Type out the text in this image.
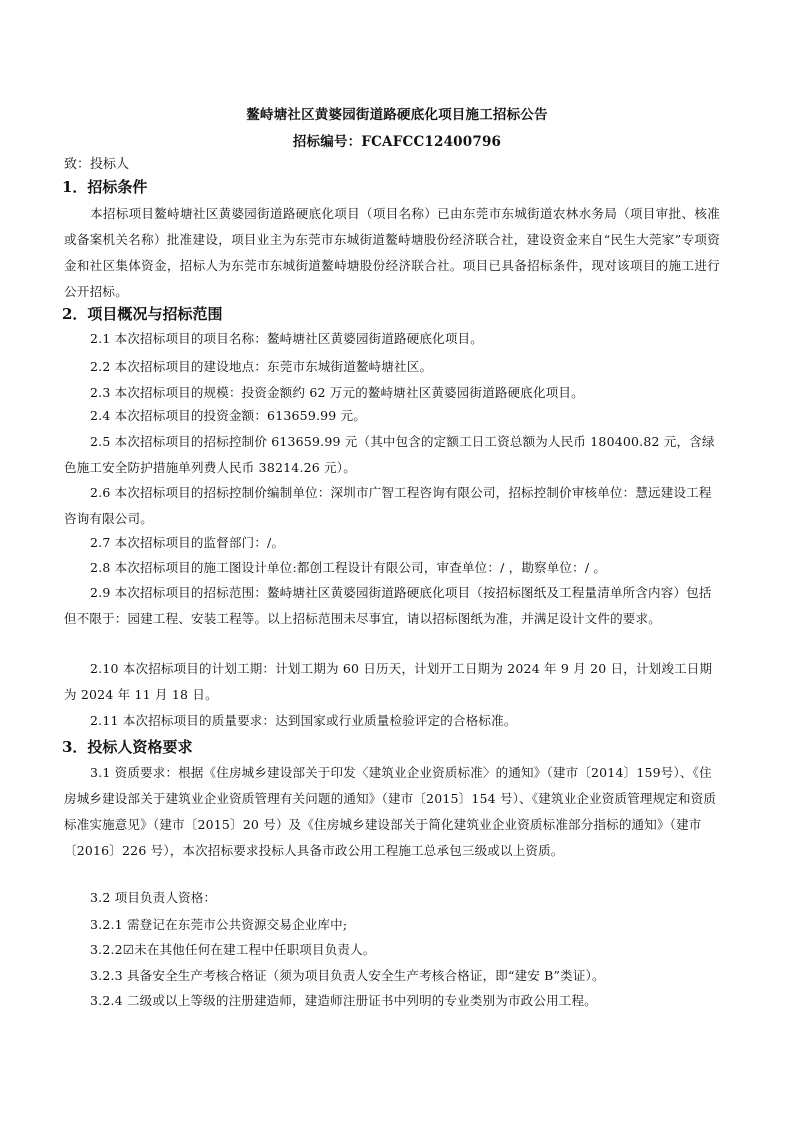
鳌峙塘社区黄婆园街道路硬底化项目施工招标公告
招标编号：FCAFCC12400796
致：投标人
1．招标条件

本招标项目鳌峙塘社区黄婆园街道路硬底化项目（项目名称）已由东莞市东城街道农林水务局（项目审批、核准或备案机关名称）批准建设，项目业主为东莞市东城街道鳌峙塘股份经济联合社，建设资金来自“民生大莞家”专项资金和社区集体资金，招标人为东莞市东城街道鳌峙塘股份经济联合社。项目已具备招标条件，现对该项目的施工进行公开招标。

2．项目概况与招标范围

2.1 本次招标项目的项目名称：鳌峙塘社区黄婆园街道路硬底化项目。

2.2 本次招标项目的建设地点：东莞市东城街道鳌峙塘社区。

2.3 本次招标项目的规模：投资金额约 62 万元的鳌峙塘社区黄婆园街道路硬底化项目。

2.4 本次招标项目的投资金额：613659.99 元。

2.5 本次招标项目的招标控制价 613659.99 元（其中包含的定额工日工资总额为人民币 180400.82 元，含绿色施工安全防护措施单列费人民币 38214.26 元）。

2.6 本次招标项目的招标控制价编制单位：深圳市广智工程咨询有限公司，招标控制价审核单位：慧远建设工程咨询有限公司。

2.7 本次招标项目的监督部门：/。

2.8 本次招标项目的施工图设计单位:都创工程设计有限公司，审查单位：/ ，勘察单位：/ 。

2.9 本次招标项目的招标范围：鳌峙塘社区黄婆园街道路硬底化项目（按招标图纸及工程量清单所含内容）包括但不限于：园建工程、安装工程等。以上招标范围未尽事宜，请以招标图纸为准，并满足设计文件的要求。

2.10 本次招标项目的计划工期：计划工期为 60 日历天，计划开工日期为 2024 年 9 月 20 日，计划竣工日期为 2024 年 11 月 18 日。

2.11 本次招标项目的质量要求：达到国家或行业质量检验评定的合格标准。

3．投标人资格要求

3.1 资质要求：根据《住房城乡建设部关于印发〈建筑业企业资质标准〉的通知》（建市〔2014〕159号）、《住房城乡建设部关于建筑业企业资质管理有关问题的通知》（建市〔2015〕154 号）、《建筑业企业资质管理规定和资质标准实施意见》（建市〔2015〕20 号）及《住房城乡建设部关于简化建筑业企业资质标准部分指标的通知》（建市〔2016〕226 号），本次招标要求投标人具备市政公用工程施工总承包三级或以上资质。

3.2 项目负责人资格：

3.2.1 需登记在东莞市公共资源交易企业库中;

3.2.2☑未在其他任何在建工程中任职项目负责人。

3.2.3 具备安全生产考核合格证（须为项目负责人安全生产考核合格证，即“建安 B”类证）。

3.2.4 二级或以上等级的注册建造师，建造师注册证书中列明的专业类别为市政公用工程。
